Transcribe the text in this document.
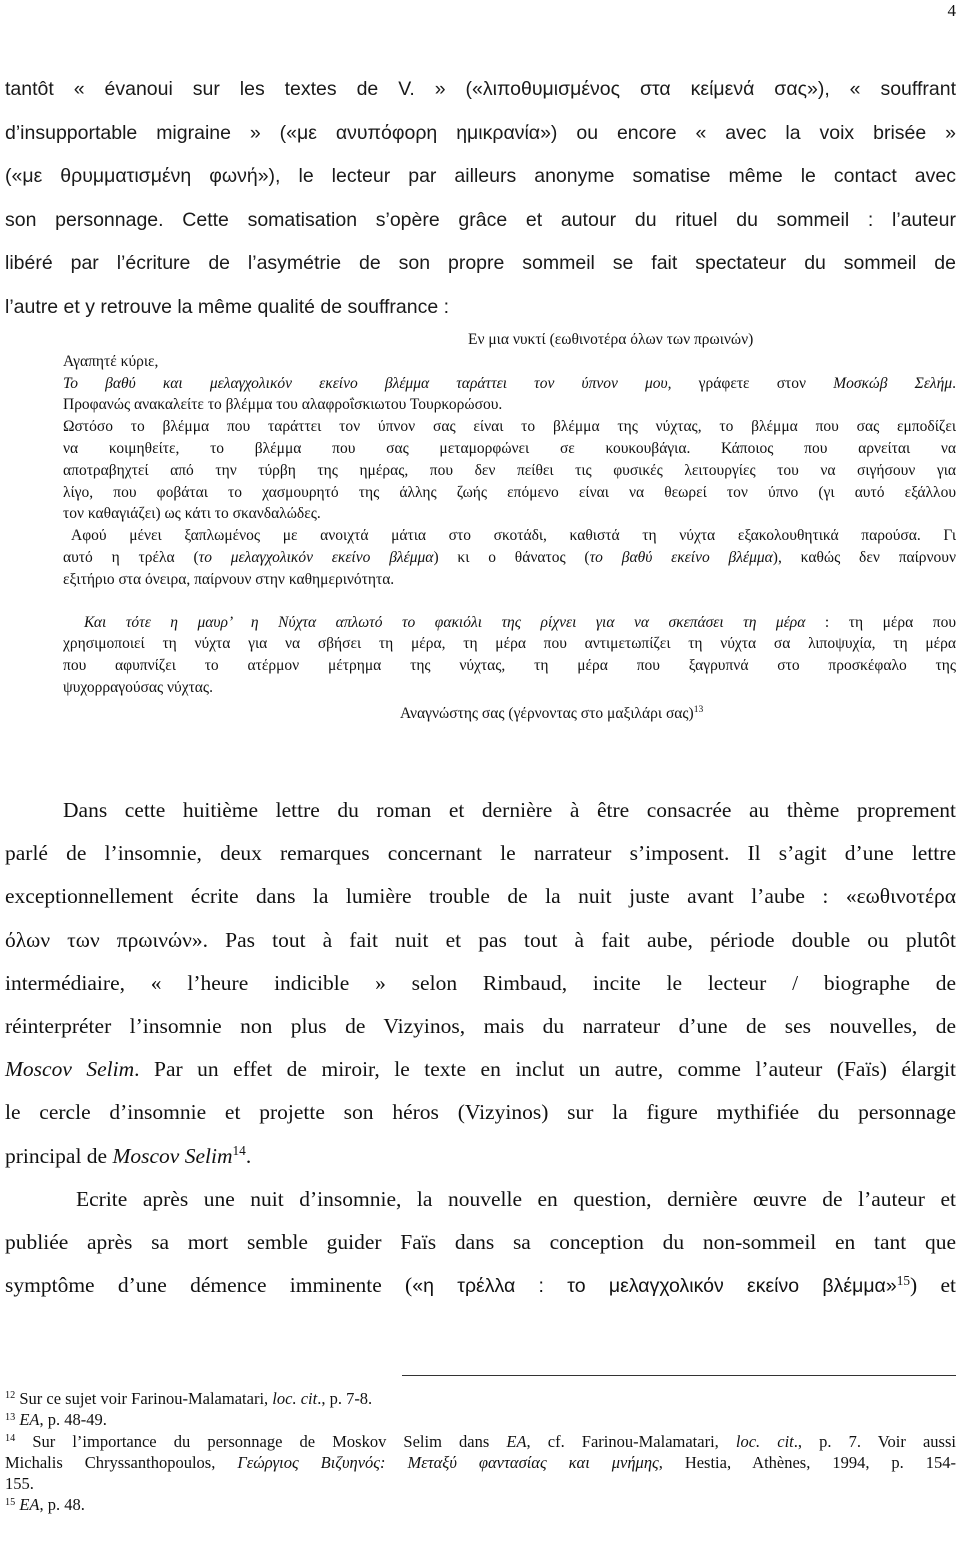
4
tantôt « évanoui sur les textes de V. » («λιποθυμισμένος στα κείμενά σας»), « souffrant
d’insupportable migraine » («με ανυπόφορη ημικρανία») ou encore « avec la voix brisée »
(«με θρυμματισμένη φωνή»), le lecteur par ailleurs anonyme somatise même le contact avec
son personnage. Cette somatisation s’opère grâce et autour du rituel du sommeil : l’auteur
libéré par l’écriture de l’asymétrie de son propre sommeil se fait spectateur du sommeil de
l’autre et y retrouve la même qualité de souffrance :
Εν μια νυκτί (εωθινοτέρα όλων των πρωινών)
Αγαπητέ κύριε,
Το βαθύ και μελαγχολικόν εκείνο βλέμμα ταράττει τον ύπνον μου, γράφετε στον Μοσκώβ Σελήμ.
Προφανώς ανακαλείτε το βλέμμα του αλαφροΐσκιωτου Τουρκορώσου.
Ωστόσο το βλέμμα που ταράττει τον ύπνον σας είναι το βλέμμα της νύχτας, το βλέμμα που σας εμποδίζει
να κοιμηθείτε, το βλέμμα που σας μεταμορφώνει σε κουκουβάγια. Κάποιος που αρνείται να
αποτραβηχτεί από την τύρβη της ημέρας, που δεν πείθει τις φυσικές λειτουργίες του να σιγήσουν για
λίγο, που φοβάται το χασμουρητό της άλλης ζωής επόμενο είναι να θεωρεί τον ύπνο (γι αυτό εξάλλου
τον καθαγιάζει) ως κάτι το σκανδαλώδες.
Αφού μένει ξαπλωμένος με ανοιχτά μάτια στο σκοτάδι, καθιστά τη νύχτα εξακολουθητικά παρούσα. Γι
αυτό η τρέλα (το μελαγχολικόν εκείνο βλέμμα) κι ο θάνατος (το βαθύ εκείνο βλέμμα), καθώς δεν παίρνουν
εξιτήριο στα όνειρα, παίρνουν στην καθημερινότητα.
Και τότε η μαυρ’ η Νύχτα απλωτό το φακιόλι της ρίχνει για να σκεπάσει τη μέρα : τη μέρα που
χρησιμοποιεί τη νύχτα για να σβήσει τη μέρα, τη μέρα που αντιμετωπίζει τη νύχτα σα λιποψυχία, τη μέρα
που αφυπνίζει το ατέρμον μέτρημα της νύχτας, τη μέρα που ξαγρυπνά στο προσκέφαλο της
ψυχορραγούσας νύχτας.
Αναγνώστης σας (γέρνοντας στο μαξιλάρι σας)$^{13}$
Dans cette huitième lettre du roman et dernière à être consacrée au thème proprement
parlé de l’insomnie, deux remarques concernant le narrateur s’imposent. Il s’agit d’une lettre
exceptionnellement écrite dans la lumière trouble de la nuit juste avant l’aube : «εωθινοτέρα
όλων των πρωινών». Pas tout à fait nuit et pas tout à fait aube, période double ou plutôt
intermédiaire, « l’heure indicible » selon Rimbaud, incite le lecteur / biographe de
réinterpréter l’insomnie non plus de Vizyinos, mais du narrateur d’une de ses nouvelles, de
Moscov Selim. Par un effet de miroir, le texte en inclut un autre, comme l’auteur (Faïs) élargit
le cercle d’insomnie et projette son héros (Vizyinos) sur la figure mythifiée du personnage
principal de Moscov Selim$^{14}$.
Ecrite après une nuit d’insomnie, la nouvelle en question, dernière œuvre de l’auteur et
publiée après sa mort semble guider Faïs dans sa conception du non-sommeil en tant que
symptôme d’une démence imminente («η τρέλλα : το μελαγχολικόν εκείνο βλέμμα»$^{15}$) et
$^{12}$ Sur ce sujet voir Farinou-Malamatari, loc. cit., p. 7-8.
$^{13}$ EA, p. 48-49.
$^{14}$ Sur l’importance du personnage de Moskov Selim dans EA, cf. Farinou-Malamatari, loc. cit., p. 7. Voir aussi
Michalis Chryssanthopoulos, Γεώργιος Βιζυηνός: Μεταξύ φαντασίας και μνήμης, Hestia, Athènes, 1994, p. 154-
155.
$^{15}$ EA, p. 48.
